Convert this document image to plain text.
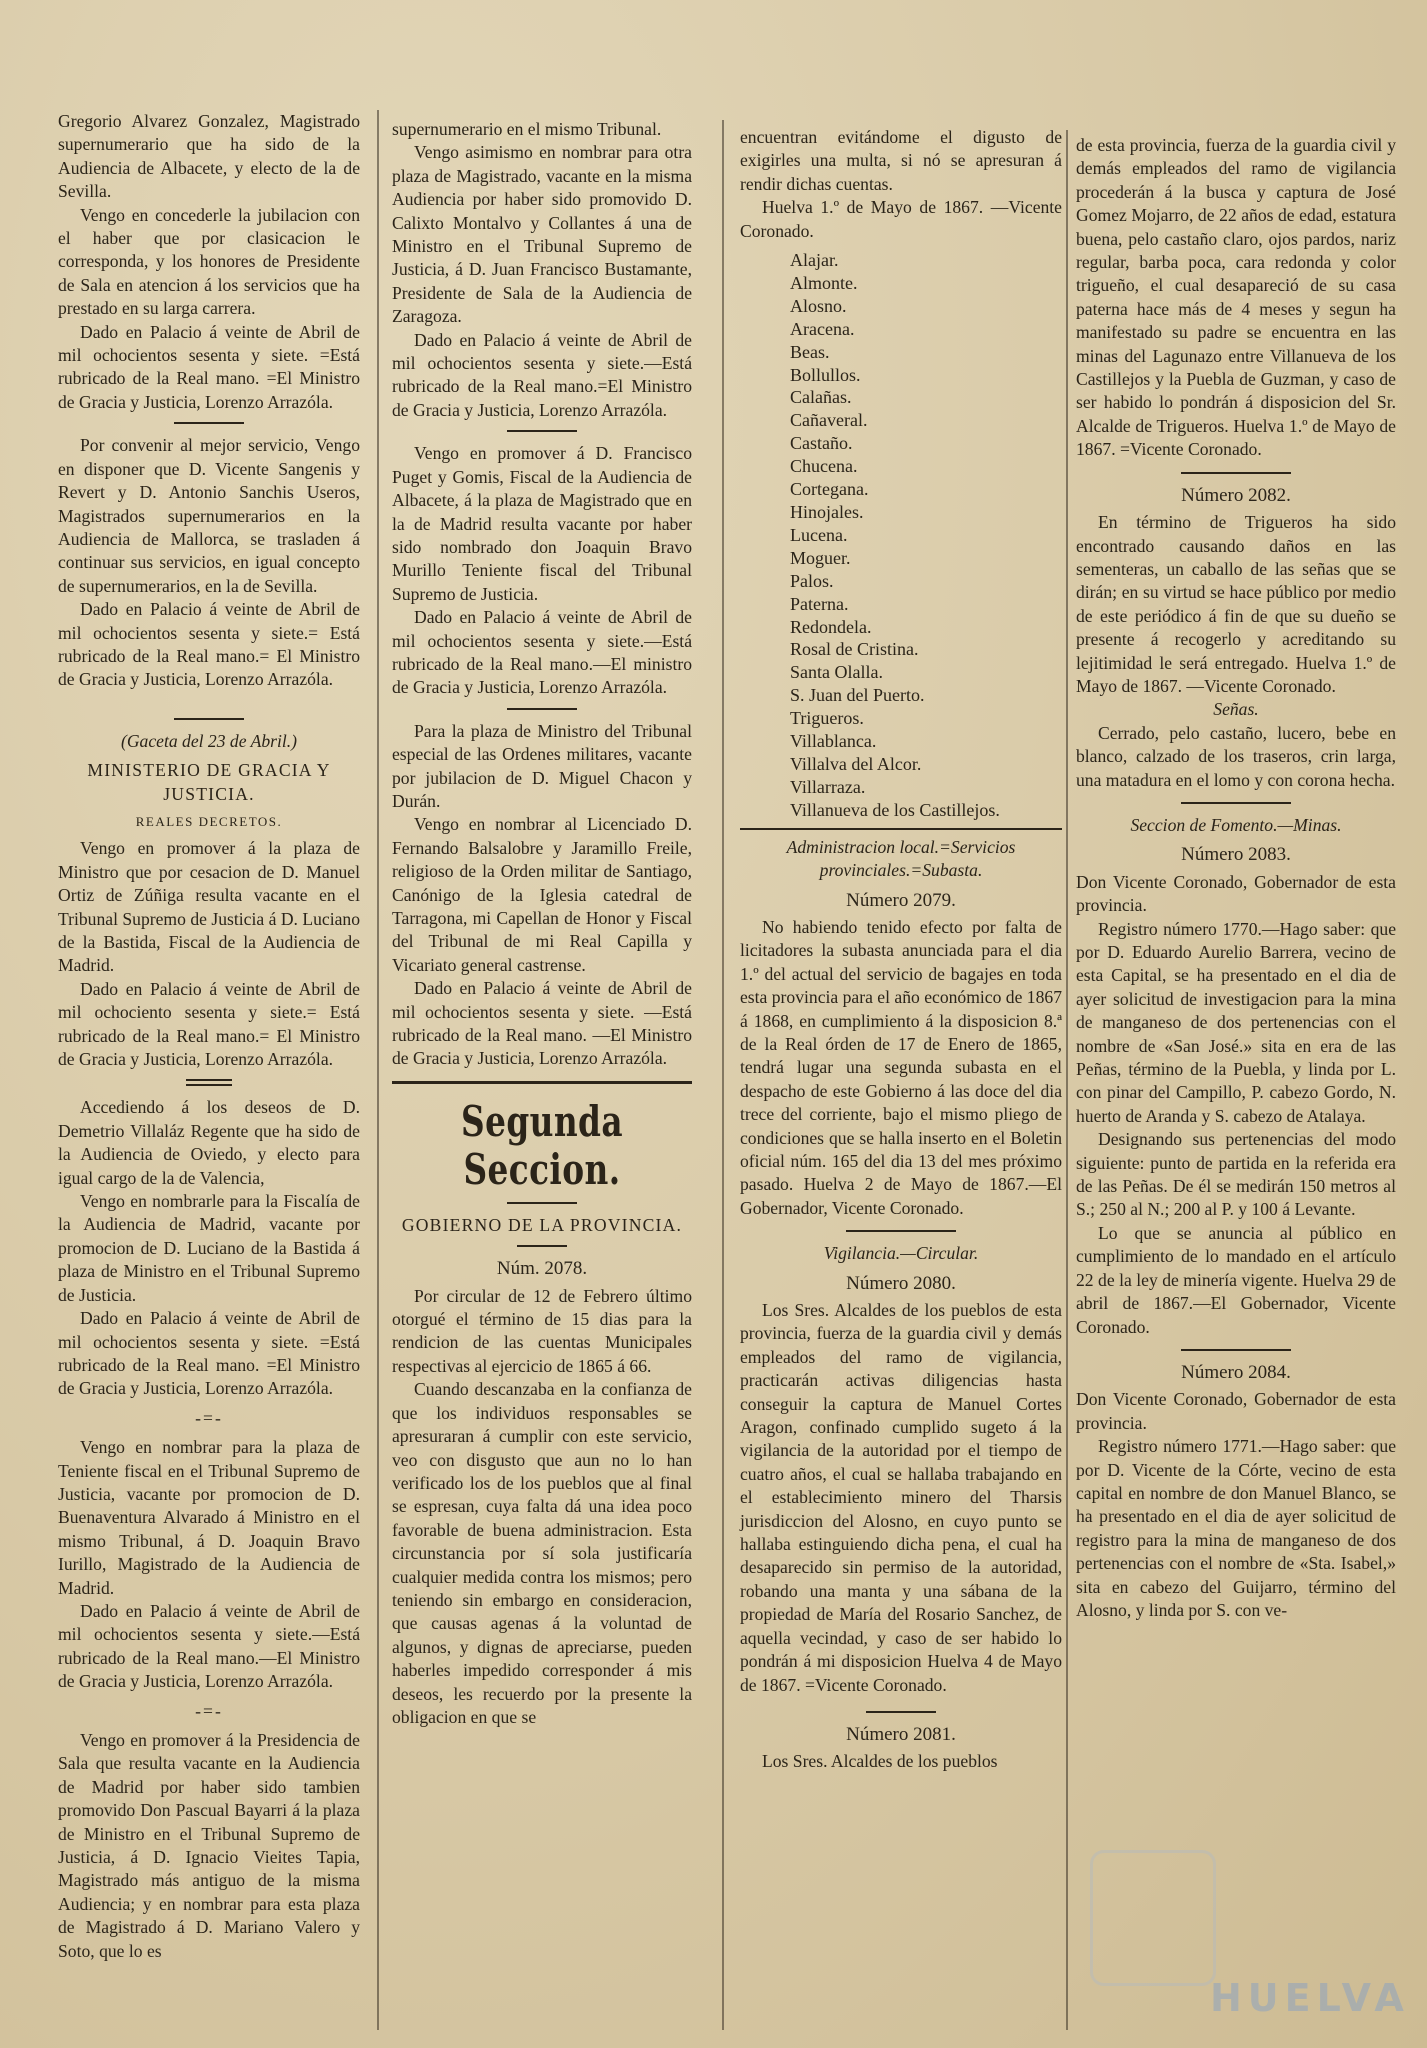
Gregorio Alvarez Gonzalez, Magistrado supernumerario que ha sido de la Audiencia de Albacete, y electo de la de Sevilla.

Vengo en concederle la jubilacion con el haber que por clasicacion le corresponda, y los honores de Presidente de Sala en atencion á los servicios que ha prestado en su larga carrera.

Dado en Palacio á veinte de Abril de mil ochocientos sesenta y siete. =Está rubricado de la Real mano. =El Ministro de Gracia y Justicia, Lorenzo Arrazóla.

Por convenir al mejor servicio, Vengo en disponer que D. Vicente Sangenis y Revert y D. Antonio Sanchis Useros, Magistrados supernumerarios en la Audiencia de Mallorca, se trasladen á continuar sus servicios, en igual concepto de supernumerarios, en la de Sevilla.

Dado en Palacio á veinte de Abril de mil ochocientos sesenta y siete.= Está rubricado de la Real mano.= El Ministro de Gracia y Justicia, Lorenzo Arrazóla.

(Gaceta del 23 de Abril.)

MINISTERIO DE GRACIA Y JUSTICIA.

REALES DECRETOS.

Vengo en promover á la plaza de Ministro que por cesacion de D. Manuel Ortiz de Zúñiga resulta vacante en el Tribunal Supremo de Justicia á D. Luciano de la Bastida, Fiscal de la Audiencia de Madrid.

Dado en Palacio á veinte de Abril de mil ochociento sesenta y siete.= Está rubricado de la Real mano.= El Ministro de Gracia y Justicia, Lorenzo Arrazóla.

Accediendo á los deseos de D. Demetrio Villaláz Regente que ha sido de la Audiencia de Oviedo, y electo para igual cargo de la de Valencia,

Vengo en nombrarle para la Fiscalía de la Audiencia de Madrid, vacante por promocion de D. Luciano de la Bastida á plaza de Ministro en el Tribunal Supremo de Justicia.

Dado en Palacio á veinte de Abril de mil ochocientos sesenta y siete. =Está rubricado de la Real mano. =El Ministro de Gracia y Justicia, Lorenzo Arrazóla.

-=-

Vengo en nombrar para la plaza de Teniente fiscal en el Tribunal Supremo de Justicia, vacante por promocion de D. Buenaventura Alvarado á Ministro en el mismo Tribunal, á D. Joaquin Bravo Iurillo, Magistrado de la Audiencia de Madrid.

Dado en Palacio á veinte de Abril de mil ochocientos sesenta y siete.—Está rubricado de la Real mano.—El Ministro de Gracia y Justicia, Lorenzo Arrazóla.

-=-

Vengo en promover á la Presidencia de Sala que resulta vacante en la Audiencia de Madrid por haber sido tambien promovido Don Pascual Bayarri á la plaza de Ministro en el Tribunal Supremo de Justicia, á D. Ignacio Vieites Tapia, Magistrado más antiguo de la misma Audiencia; y en nombrar para esta plaza de Magistrado á D. Mariano Valero y Soto, que lo es

supernumerario en el mismo Tribunal.

Vengo asimismo en nombrar para otra plaza de Magistrado, vacante en la misma Audiencia por haber sido promovido D. Calixto Montalvo y Collantes á una de Ministro en el Tribunal Supremo de Justicia, á D. Juan Francisco Bustamante, Presidente de Sala de la Audiencia de Zaragoza.

Dado en Palacio á veinte de Abril de mil ochocientos sesenta y siete.—Está rubricado de la Real mano.=El Ministro de Gracia y Justicia, Lorenzo Arrazóla.

Vengo en promover á D. Francisco Puget y Gomis, Fiscal de la Audiencia de Albacete, á la plaza de Magistrado que en la de Madrid resulta vacante por haber sido nombrado don Joaquin Bravo Murillo Teniente fiscal del Tribunal Supremo de Justicia.

Dado en Palacio á veinte de Abril de mil ochocientos sesenta y siete.—Está rubricado de la Real mano.—El ministro de Gracia y Justicia, Lorenzo Arrazóla.

Para la plaza de Ministro del Tribunal especial de las Ordenes militares, vacante por jubilacion de D. Miguel Chacon y Durán.

Vengo en nombrar al Licenciado D. Fernando Balsalobre y Jaramillo Freile, religioso de la Orden militar de Santiago, Canónigo de la Iglesia catedral de Tarragona, mi Capellan de Honor y Fiscal del Tribunal de mi Real Capilla y Vicariato general castrense.

Dado en Palacio á veinte de Abril de mil ochocientos sesenta y siete. —Está rubricado de la Real mano. —El Ministro de Gracia y Justicia, Lorenzo Arrazóla.

Segunda Seccion.

GOBIERNO DE LA PROVINCIA.

Núm. 2078.

Por circular de 12 de Febrero último otorgué el término de 15 dias para la rendicion de las cuentas Municipales respectivas al ejercicio de 1865 á 66.

Cuando descanzaba en la confianza de que los individuos responsables se apresuraran á cumplir con este servicio, veo con disgusto que aun no lo han verificado los de los pueblos que al final se espresan, cuya falta dá una idea poco favorable de buena administracion. Esta circunstancia por sí sola justificaría cualquier medida contra los mismos; pero teniendo sin embargo en consideracion, que causas agenas á la voluntad de algunos, y dignas de apreciarse, pueden haberles impedido corresponder á mis deseos, les recuerdo por la presente la obligacion en que se

encuentran evitándome el digusto de exigirles una multa, si nó se apresuran á rendir dichas cuentas.

Huelva 1.º de Mayo de 1867. —Vicente Coronado.

Alajar.
Almonte.
Alosno.
Aracena.
Beas.
Bollullos.
Calañas.
Cañaveral.
Castaño.
Chucena.
Cortegana.
Hinojales.
Lucena.
Moguer.
Palos.
Paterna.
Redondela.
Rosal de Cristina.
Santa Olalla.
S. Juan del Puerto.
Trigueros.
Villablanca.
Villalva del Alcor.
Villarraza.
Villanueva de los Castillejos.

Administracion local.=Servicios provinciales.=Subasta.

Número 2079.

No habiendo tenido efecto por falta de licitadores la subasta anunciada para el dia 1.º del actual del servicio de bagajes en toda esta provincia para el año económico de 1867 á 1868, en cumplimiento á la disposicion 8.ª de la Real órden de 17 de Enero de 1865, tendrá lugar una segunda subasta en el despacho de este Gobierno á las doce del dia trece del corriente, bajo el mismo pliego de condiciones que se halla inserto en el Boletin oficial núm. 165 del dia 13 del mes próximo pasado. Huelva 2 de Mayo de 1867.—El Gobernador, Vicente Coronado.

Vigilancia.—Circular.

Número 2080.

Los Sres. Alcaldes de los pueblos de esta provincia, fuerza de la guardia civil y demás empleados del ramo de vigilancia, practicarán activas diligencias hasta conseguir la captura de Manuel Cortes Aragon, confinado cumplido sugeto á la vigilancia de la autoridad por el tiempo de cuatro años, el cual se hallaba trabajando en el establecimiento minero del Tharsis jurisdiccion del Alosno, en cuyo punto se hallaba estinguiendo dicha pena, el cual ha desaparecido sin permiso de la autoridad, robando una manta y una sábana de la propiedad de María del Rosario Sanchez, de aquella vecindad, y caso de ser habido lo pondrán á mi disposicion Huelva 4 de Mayo de 1867. =Vicente Coronado.

Número 2081.

Los Sres. Alcaldes de los pueblos

de esta provincia, fuerza de la guardia civil y demás empleados del ramo de vigilancia procederán á la busca y captura de José Gomez Mojarro, de 22 años de edad, estatura buena, pelo castaño claro, ojos pardos, nariz regular, barba poca, cara redonda y color trigueño, el cual desapareció de su casa paterna hace más de 4 meses y segun ha manifestado su padre se encuentra en las minas del Lagunazo entre Villanueva de los Castillejos y la Puebla de Guzman, y caso de ser habido lo pondrán á disposicion del Sr. Alcalde de Trigueros. Huelva 1.º de Mayo de 1867. =Vicente Coronado.

Número 2082.

En término de Trigueros ha sido encontrado causando daños en las sementeras, un caballo de las señas que se dirán; en su virtud se hace público por medio de este periódico á fin de que su dueño se presente á recogerlo y acreditando su lejitimidad le será entregado. Huelva 1.º de Mayo de 1867. —Vicente Coronado.

Señas.

Cerrado, pelo castaño, lucero, bebe en blanco, calzado de los traseros, crin larga, una matadura en el lomo y con corona hecha.

Seccion de Fomento.—Minas.

Número 2083.

Don Vicente Coronado, Gobernador de esta provincia.

Registro número 1770.—Hago saber: que por D. Eduardo Aurelio Barrera, vecino de esta Capital, se ha presentado en el dia de ayer solicitud de investigacion para la mina de manganeso de dos pertenencias con el nombre de «San José.» sita en era de las Peñas, término de la Puebla, y linda por L. con pinar del Campillo, P. cabezo Gordo, N. huerto de Aranda y S. cabezo de Atalaya.

Designando sus pertenencias del modo siguiente: punto de partida en la referida era de las Peñas. De él se medirán 150 metros al S.; 250 al N.; 200 al P. y 100 á Levante.

Lo que se anuncia al público en cumplimiento de lo mandado en el artículo 22 de la ley de minería vigente. Huelva 29 de abril de 1867.—El Gobernador, Vicente Coronado.

Número 2084.

Don Vicente Coronado, Gobernador de esta provincia.

Registro número 1771.—Hago saber: que por D. Vicente de la Córte, vecino de esta capital en nombre de don Manuel Blanco, se ha presentado en el dia de ayer solicitud de registro para la mina de manganeso de dos pertenencias con el nombre de «Sta. Isabel,» sita en cabezo del Guijarro, término del Alosno, y linda por S. con ve-

HUELVA
